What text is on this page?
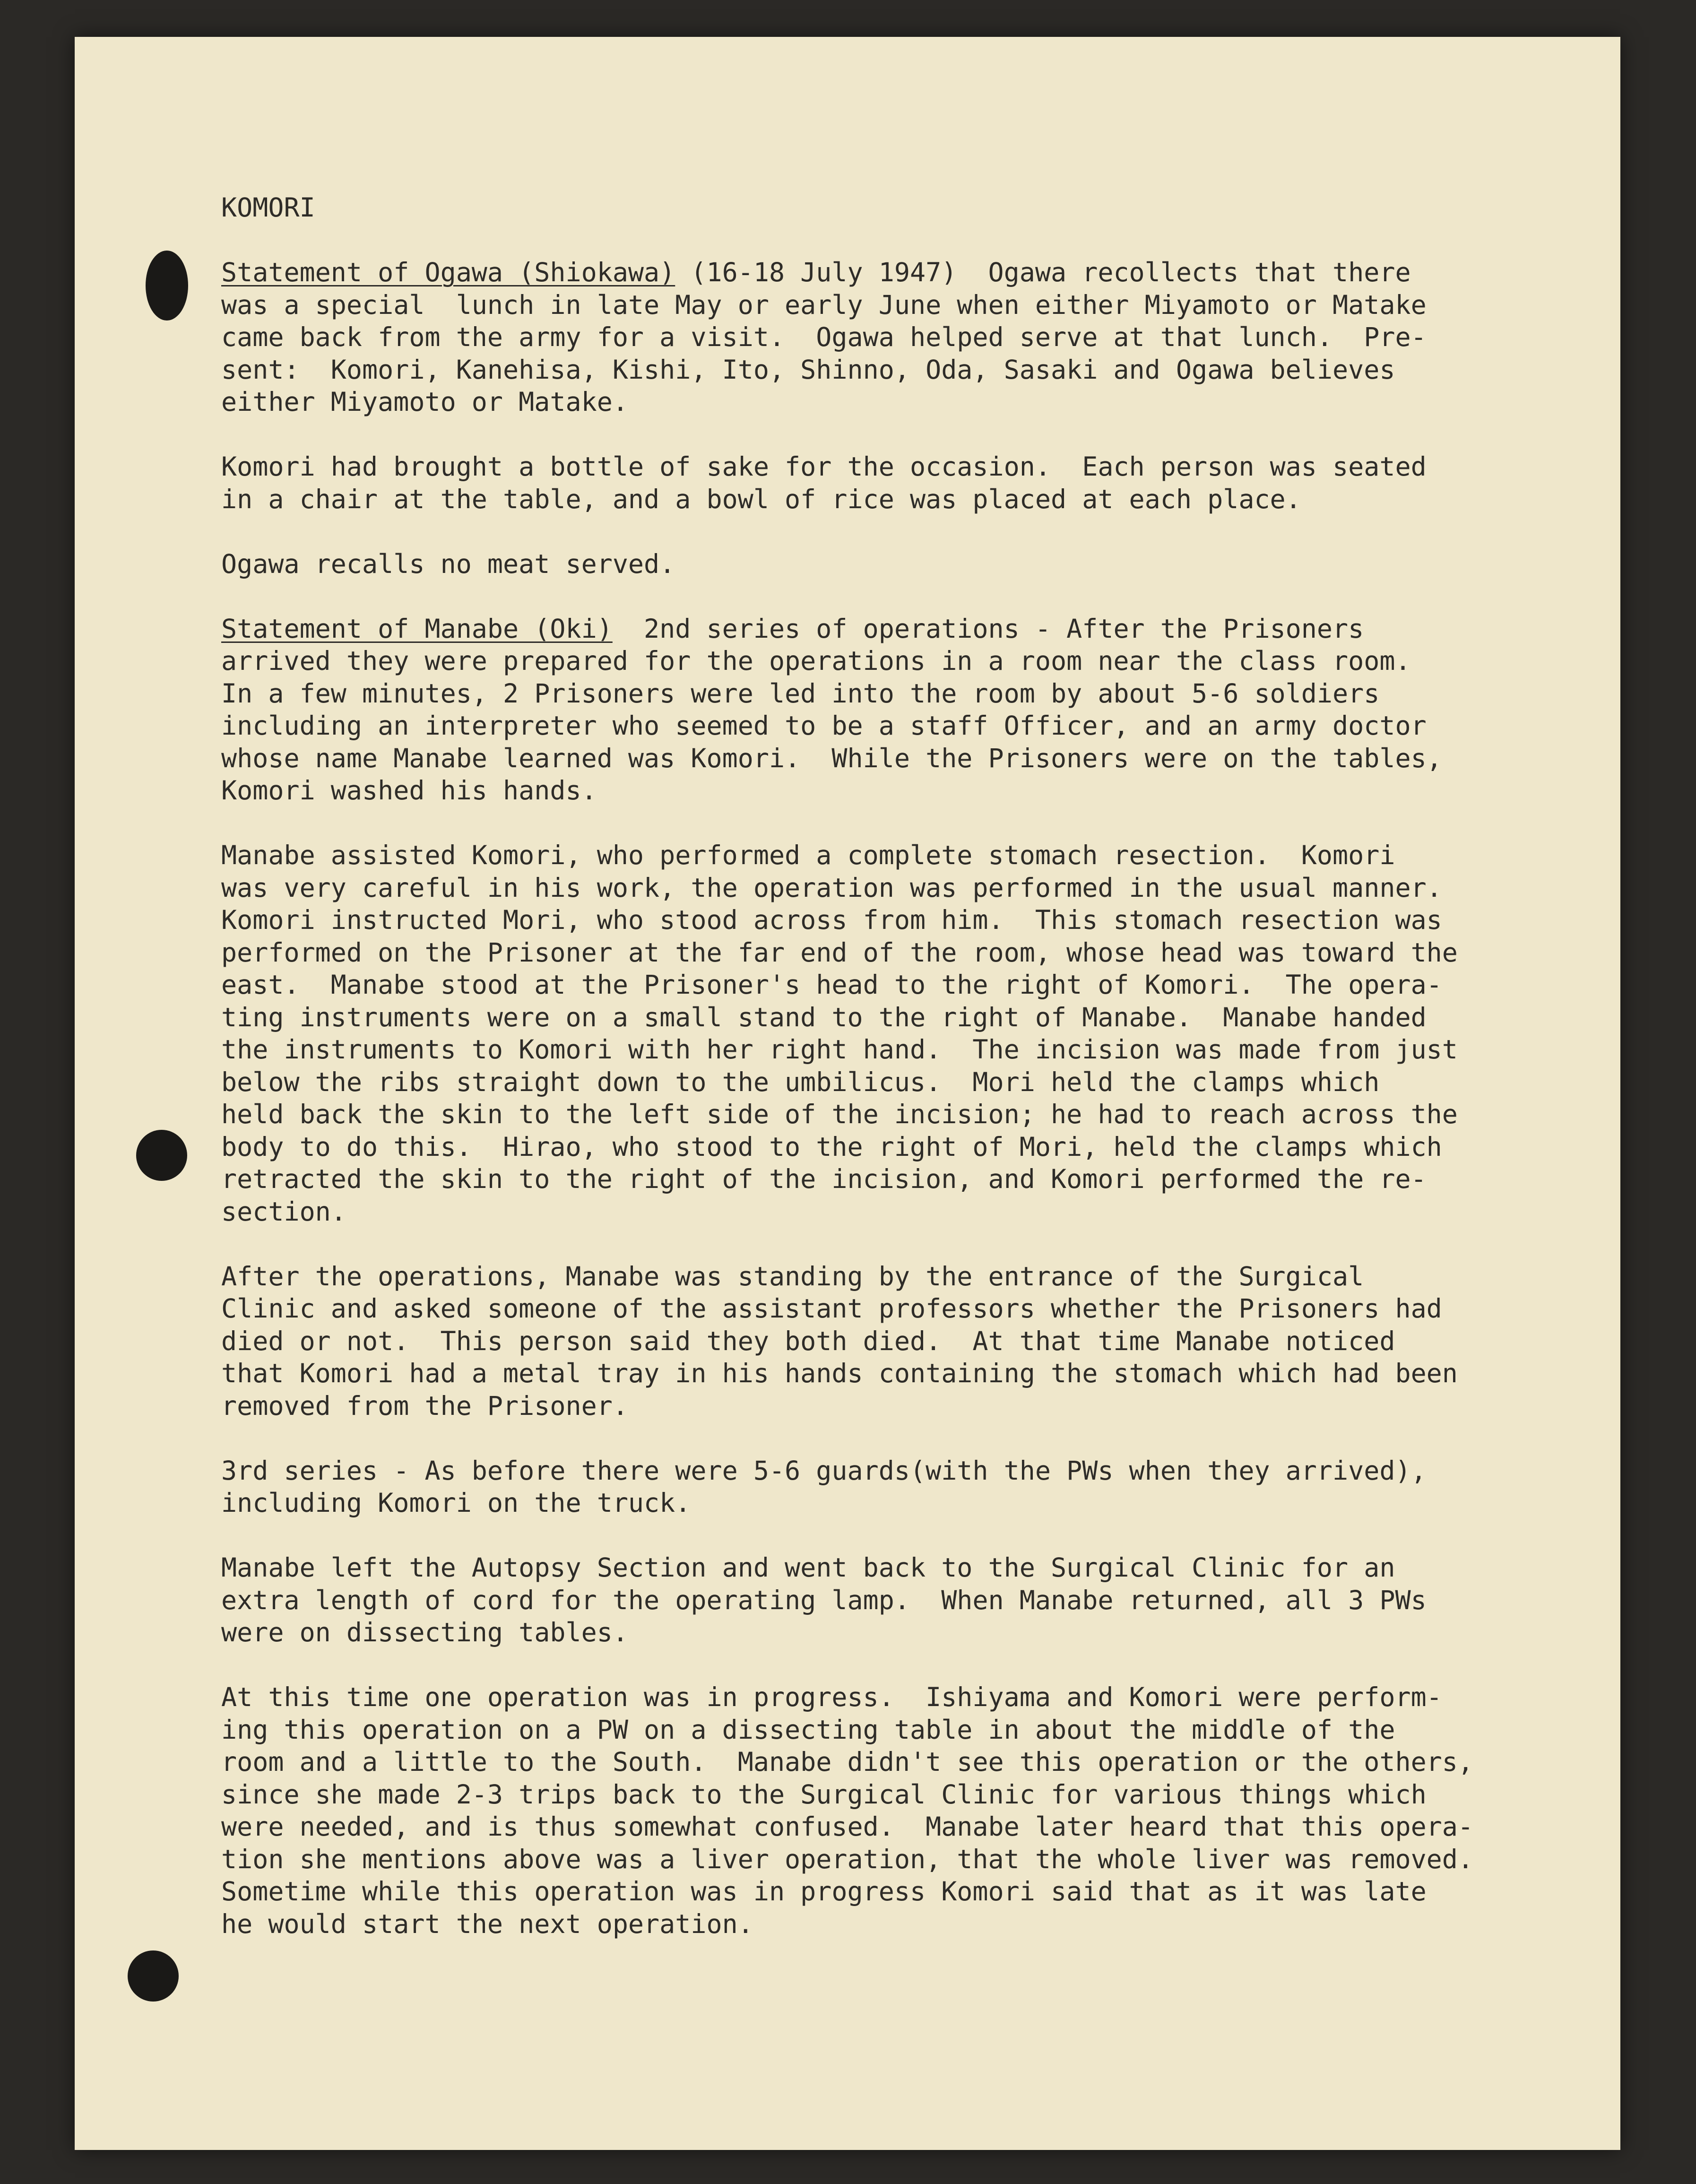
KOMORI
Statement of Ogawa (Shiokawa) (16-18 July 1947)  Ogawa recollects that there
was a special  lunch in late May or early June when either Miyamoto or Matake
came back from the army for a visit.  Ogawa helped serve at that lunch.  Pre-
sent:  Komori, Kanehisa, Kishi, Ito, Shinno, Oda, Sasaki and Ogawa believes
either Miyamoto or Matake.
Komori had brought a bottle of sake for the occasion.  Each person was seated
in a chair at the table, and a bowl of rice was placed at each place.
Ogawa recalls no meat served.
Statement of Manabe (Oki)  2nd series of operations - After the Prisoners
arrived they were prepared for the operations in a room near the class room.
In a few minutes, 2 Prisoners were led into the room by about 5-6 soldiers
including an interpreter who seemed to be a staff Officer, and an army doctor
whose name Manabe learned was Komori.  While the Prisoners were on the tables,
Komori washed his hands.
Manabe assisted Komori, who performed a complete stomach resection.  Komori
was very careful in his work, the operation was performed in the usual manner.
Komori instructed Mori, who stood across from him.  This stomach resection was
performed on the Prisoner at the far end of the room, whose head was toward the
east.  Manabe stood at the Prisoner's head to the right of Komori.  The opera-
ting instruments were on a small stand to the right of Manabe.  Manabe handed
the instruments to Komori with her right hand.  The incision was made from just
below the ribs straight down to the umbilicus.  Mori held the clamps which
held back the skin to the left side of the incision; he had to reach across the
body to do this.  Hirao, who stood to the right of Mori, held the clamps which
retracted the skin to the right of the incision, and Komori performed the re-
section.
After the operations, Manabe was standing by the entrance of the Surgical
Clinic and asked someone of the assistant professors whether the Prisoners had
died or not.  This person said they both died.  At that time Manabe noticed
that Komori had a metal tray in his hands containing the stomach which had been
removed from the Prisoner.
3rd series - As before there were 5-6 guards(with the PWs when they arrived),
including Komori on the truck.
Manabe left the Autopsy Section and went back to the Surgical Clinic for an
extra length of cord for the operating lamp.  When Manabe returned, all 3 PWs
were on dissecting tables.
At this time one operation was in progress.  Ishiyama and Komori were perform-
ing this operation on a PW on a dissecting table in about the middle of the
room and a little to the South.  Manabe didn't see this operation or the others,
since she made 2-3 trips back to the Surgical Clinic for various things which
were needed, and is thus somewhat confused.  Manabe later heard that this opera-
tion she mentions above was a liver operation, that the whole liver was removed.
Sometime while this operation was in progress Komori said that as it was late
he would start the next operation.
